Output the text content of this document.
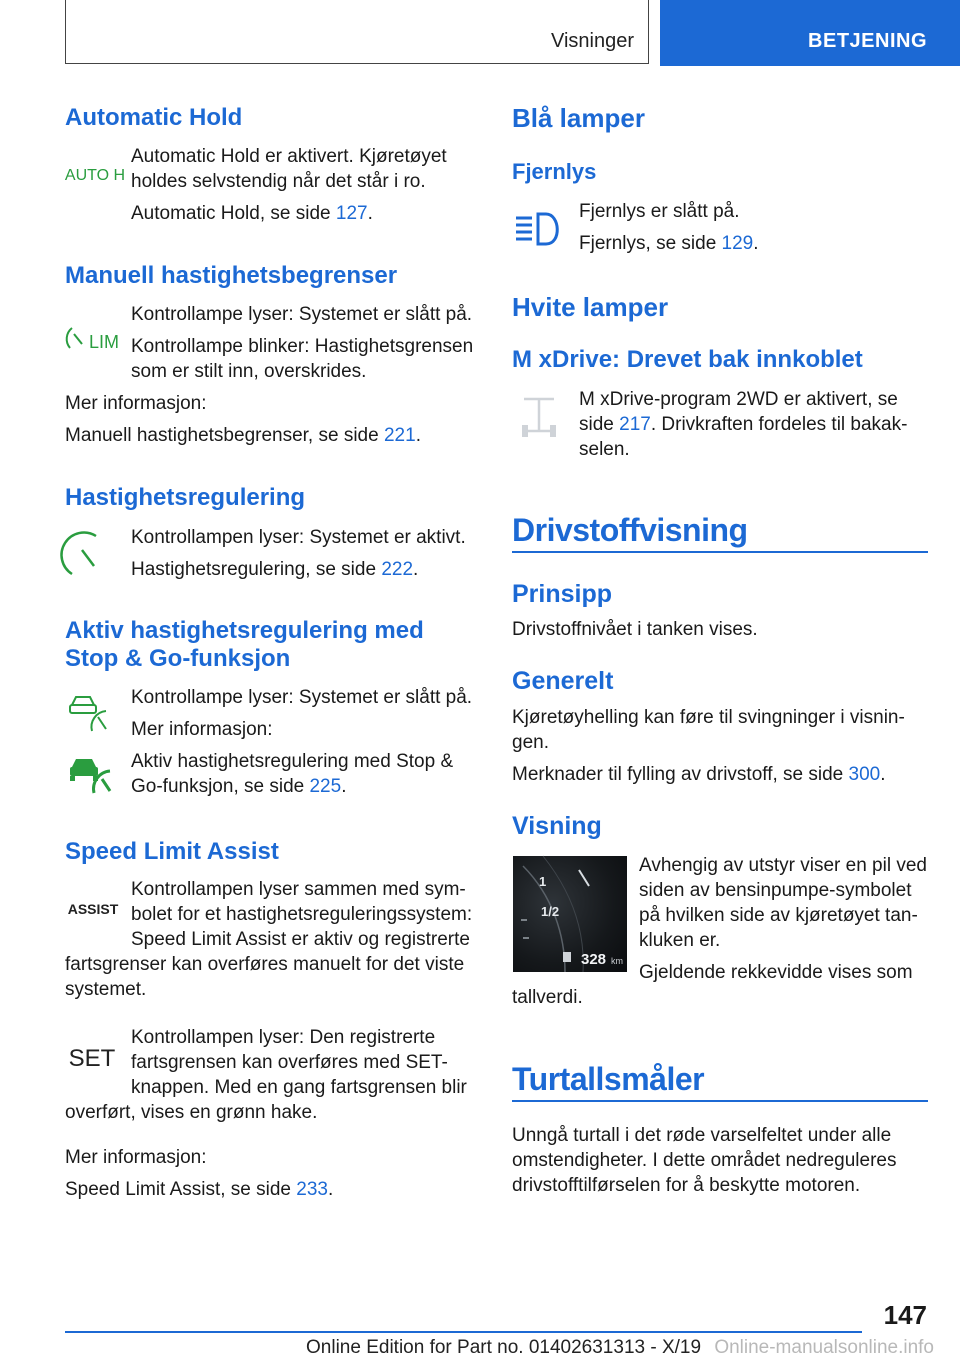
Visninger	BETJENING
Automatic Hold
AUTO H
Automatic Hold er aktivert. Kjøretøyet
holdes selvstendig når det står i ro.
Automatic Hold, se side 127.
Manuell hastighetsbegrenser
LIM
Kontrollampe lyser: Systemet er slått på.
Kontrollampe blinker: Hastighetsgrensen
som er stilt inn, overskrides.
Mer informasjon:
Manuell hastighetsbegrenser, se side 221.
Hastighetsregulering
Kontrollampen lyser: Systemet er aktivt.
Hastighetsregulering, se side 222.
Aktiv hastighetsregulering med
Stop & Go-funksjon
Kontrollampe lyser: Systemet er slått på.
Mer informasjon:
Aktiv hastighetsregulering med Stop &
Go-funksjon, se side 225.
Speed Limit Assist
ASSIST
Kontrollampen lyser sammen med sym-
bolet for et hastighetsreguleringssystem:
Speed Limit Assist er aktiv og registrerte
fartsgrenser kan overføres manuelt for det viste
systemet.
SET
Kontrollampen lyser: Den registrerte
fartsgrensen kan overføres med SET-
knappen. Med en gang fartsgrensen blir
overført, vises en grønn hake.
Mer informasjon:
Speed Limit Assist, se side 233.
Blå lamper
Fjernlys
Fjernlys er slått på.
Fjernlys, se side 129.
Hvite lamper
M xDrive: Drevet bak innkoblet
M xDrive-program 2WD er aktivert, se
side 217. Drivkraften fordeles til bakak-
selen.
Drivstoffvisning
Prinsipp
Drivstoffnivået i tanken vises.
Generelt
Kjøretøyhelling kan føre til svingninger i visnin-
gen.
Merknader til fylling av drivstoff, se side 300.
Visning
1
1/2
328 km
Avhengig av utstyr viser en pil ved
siden av bensinpumpe-symbolet
på hvilken side av kjøretøyet tan-
kluken er.
Gjeldende rekkevidde vises som
tallverdi.
Turtallsmåler
Unngå turtall i det røde varselfeltet under alle
omstendigheter. I dette området nedreguleres
drivstofftilførselen for å beskytte motoren.
147
Online-manualsonline.info
Online Edition for Part no. 01402631313 - X/19
